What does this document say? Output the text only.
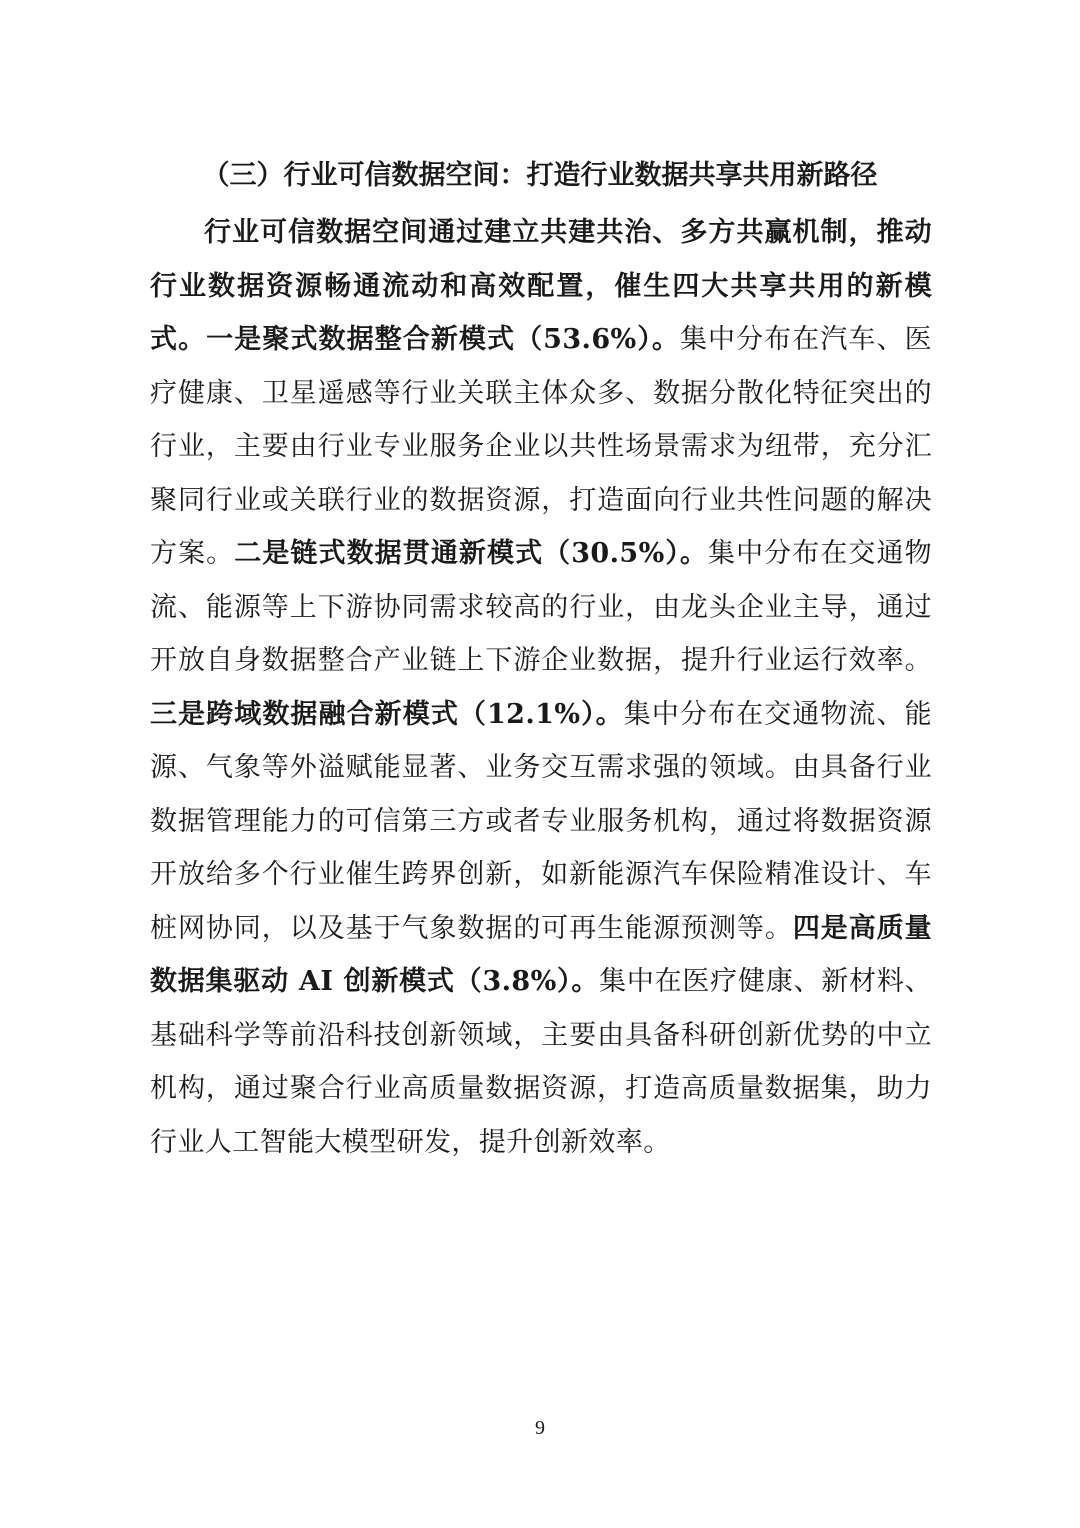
（三）行业可信数据空间：打造行业数据共享共用新路径

行业可信数据空间通过建立共建共治、多方共赢机制，推动行业数据资源畅通流动和高效配置，催生四大共享共用的新模式。一是聚式数据整合新模式（53.6%）。集中分布在汽车、医疗健康、卫星遥感等行业关联主体众多、数据分散化特征突出的行业，主要由行业专业服务企业以共性场景需求为纽带，充分汇聚同行业或关联行业的数据资源，打造面向行业共性问题的解决方案。二是链式数据贯通新模式（30.5%）。集中分布在交通物流、能源等上下游协同需求较高的行业，由龙头企业主导，通过开放自身数据整合产业链上下游企业数据，提升行业运行效率。三是跨域数据融合新模式（12.1%）。集中分布在交通物流、能源、气象等外溢赋能显著、业务交互需求强的领域。由具备行业数据管理能力的可信第三方或者专业服务机构，通过将数据资源开放给多个行业催生跨界创新，如新能源汽车保险精准设计、车桩网协同，以及基于气象数据的可再生能源预测等。四是高质量数据集驱动 AI 创新模式（3.8%）。集中在医疗健康、新材料、基础科学等前沿科技创新领域，主要由具备科研创新优势的中立机构，通过聚合行业高质量数据资源，打造高质量数据集，助力行业人工智能大模型研发，提升创新效率。

9
